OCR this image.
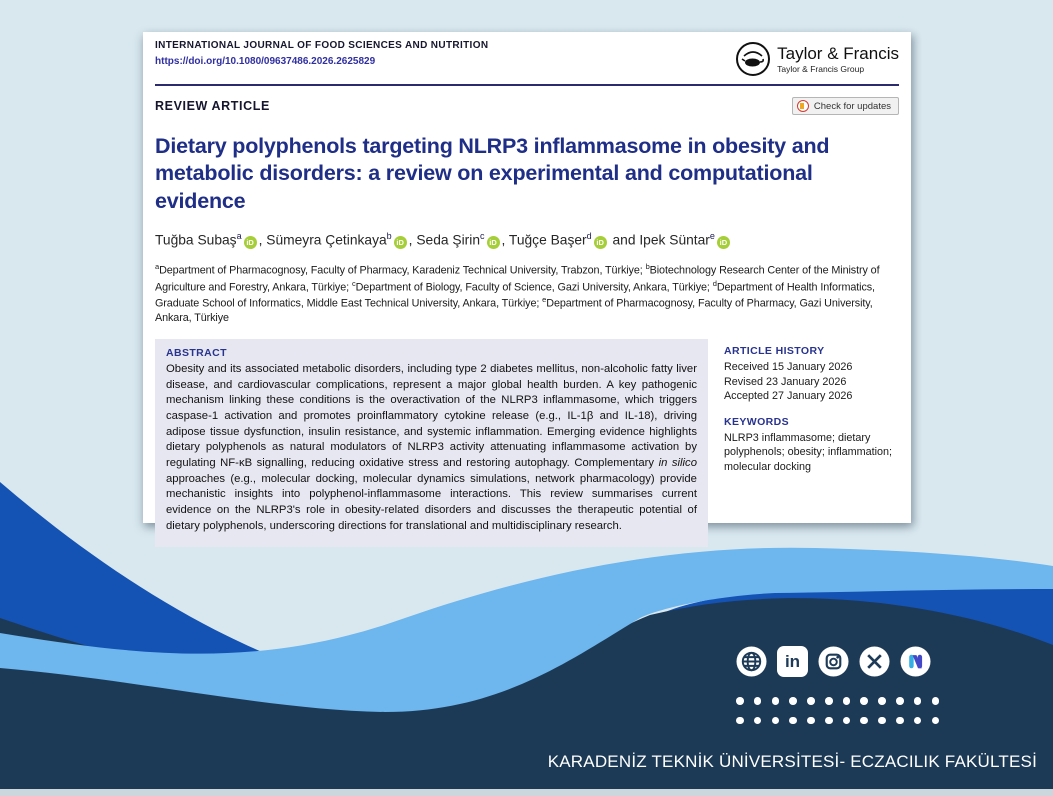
INTERNATIONAL JOURNAL OF FOOD SCIENCES AND NUTRITION
https://doi.org/10.1080/09637486.2026.2625829	Taylor & Francis
Taylor & Francis Group
REVIEW ARTICLE	Check for updates
Dietary polyphenols targeting NLRP3 inflammasome in obesity and metabolic disorders: a review on experimental and computational evidence
Tuğba Subaş$^a$iD , Sümeyra Çetinkaya$^b$iD , Seda Şirin$^c$iD , Tuğçe Başer$^d$iD and Ipek Süntar$^e$iD
$^a$Department of Pharmacognosy, Faculty of Pharmacy, Karadeniz Technical University, Trabzon, Türkiye; $^b$Biotechnology Research Center of the Ministry of Agriculture and Forestry, Ankara, Türkiye; $^c$Department of Biology, Faculty of Science, Gazi University, Ankara, Türkiye; $^d$Department of Health Informatics, Graduate School of Informatics, Middle East Technical University, Ankara, Türkiye; $^e$Department of Pharmacognosy, Faculty of Pharmacy, Gazi University, Ankara, Türkiye
ABSTRACT
Obesity and its associated metabolic disorders, including type 2 diabetes mellitus, non-alcoholic fatty liver disease, and cardiovascular complications, represent a major global health burden. A key pathogenic mechanism linking these conditions is the overactivation of the NLRP3 inflammasome, which triggers caspase-1 activation and promotes proinflammatory cytokine release (e.g., IL-1β and IL-18), driving adipose tissue dysfunction, insulin resistance, and systemic inflammation. Emerging evidence highlights dietary polyphenols as natural modulators of NLRP3 activity attenuating inflammasome activation by regulating NF-κB signalling, reducing oxidative stress and restoring autophagy. Complementary in silico approaches (e.g., molecular docking, molecular dynamics simulations, network pharmacology) provide mechanistic insights into polyphenol-inflammasome interactions. This review summarises current evidence on the NLRP3's role in obesity-related disorders and discusses the therapeutic potential of dietary polyphenols, underscoring directions for translational and multidisciplinary research.
ARTICLE HISTORY
Received 15 January 2026
Revised 23 January 2026
Accepted 27 January 2026
KEYWORDS
NLRP3 inflammasome; dietary polyphenols; obesity; inflammation; molecular docking
in
KARADENİZ TEKNİK ÜNİVERSİTESİ- ECZACILIK FAKÜLTESİ
